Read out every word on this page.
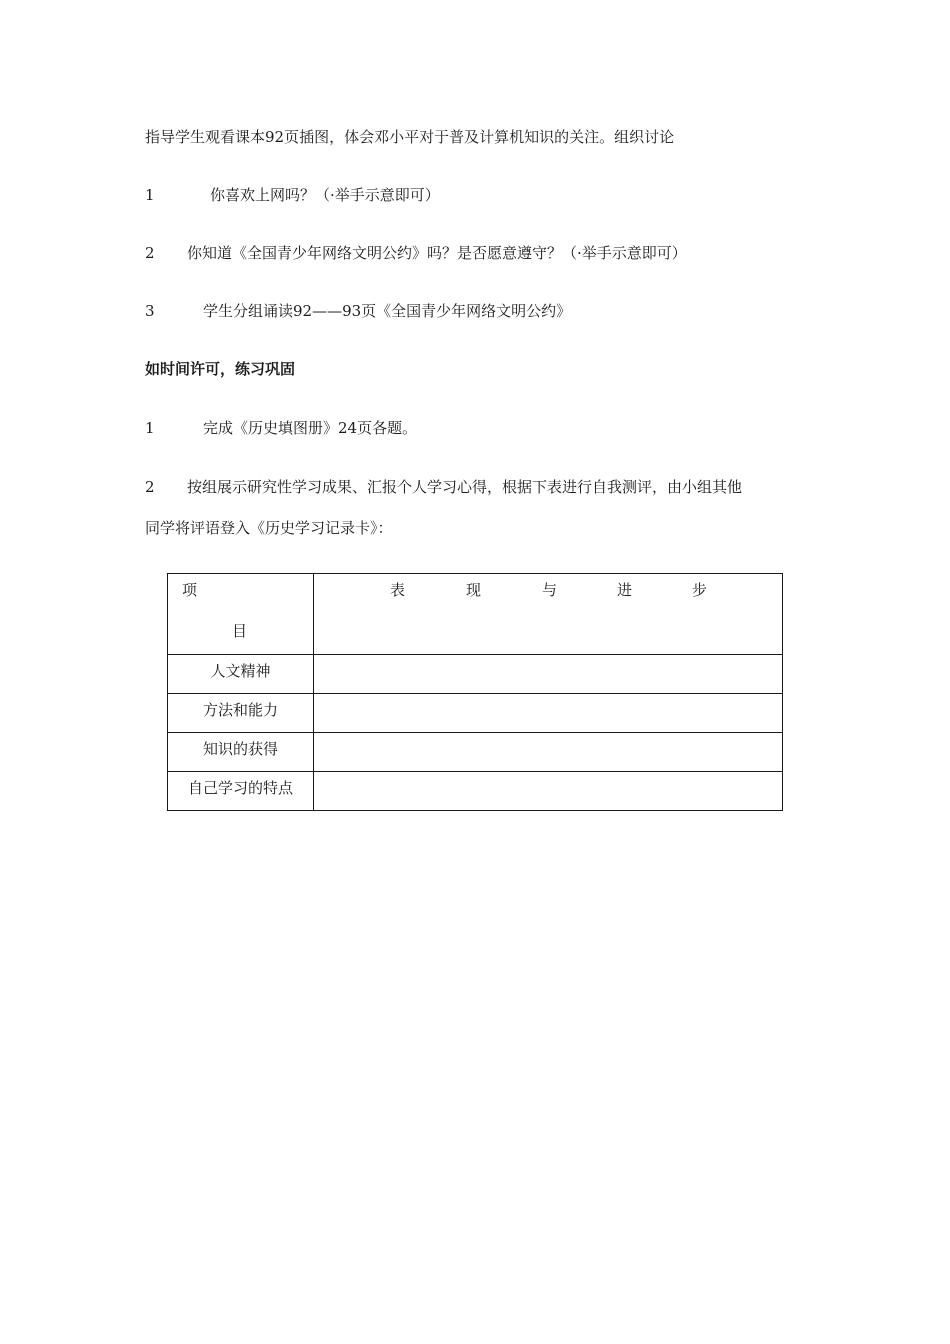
指导学生观看课本92页插图，体会邓小平对于普及计算机知识的关注。组织讨论
1	你喜欢上网吗？（·举手示意即可）
2 你知道《全国青少年网络文明公约》吗？是否愿意遵守？（·举手示意即可）
3	学生分组诵读92——93页《全国青少年网络文明公约》
如时间许可，练习巩固
1	完成《历史填图册》24页各题。
2 按组展示研究性学习成果、汇报个人学习心得，根据下表进行自我测评，由小组其他
同学将评语登入《历史学习记录卡》：
项
目	表 现 与 进 步

人文精神	
方法和能力	
知识的获得	
自己学习的特点	
